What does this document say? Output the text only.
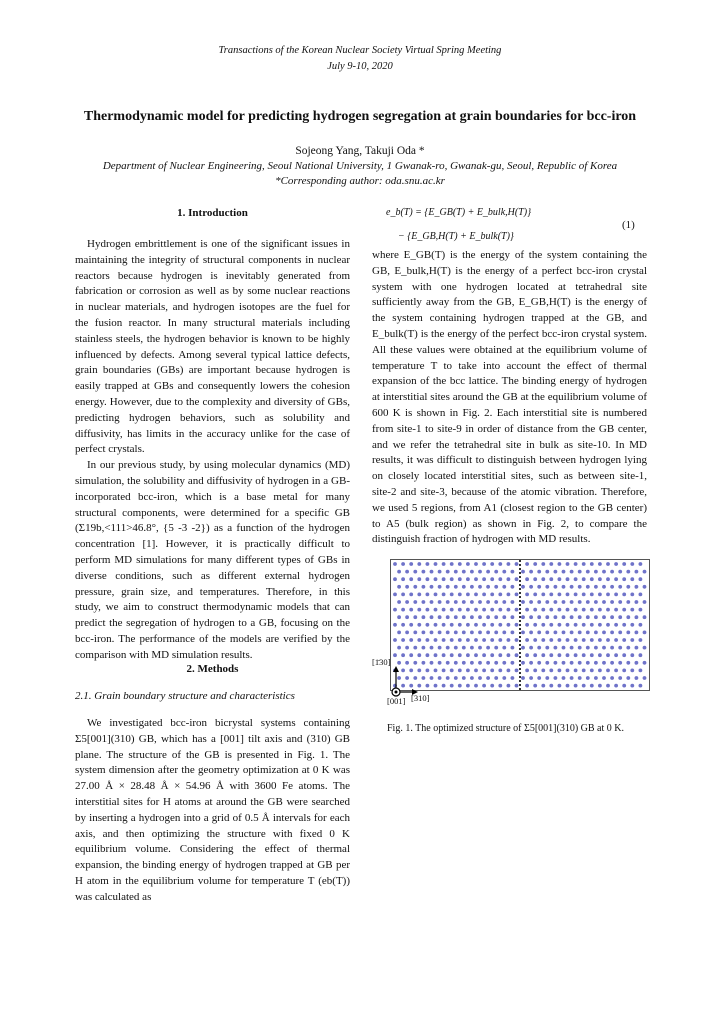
Transactions of the Korean Nuclear Society Virtual Spring Meeting
July 9-10, 2020
Thermodynamic model for predicting hydrogen segregation at grain boundaries for bcc-iron
Sojeong Yang, Takuji Oda *
Department of Nuclear Engineering, Seoul National University, 1 Gwanak-ro, Gwanak-gu, Seoul, Republic of Korea
*Corresponding author: oda.snu.ac.kr
1. Introduction

Hydrogen embrittlement is one of the significant issues in maintaining the integrity of structural components in nuclear reactors because hydrogen is inevitably generated from fabrication or corrosion as well as by some nuclear reactions in nuclear materials, and hydrogen isotopes are the fuel for the fusion reactor. In many structural materials including stainless steels, the hydrogen behavior is known to be highly influenced by defects. Among several typical lattice defects, grain boundaries (GBs) are important because hydrogen is easily trapped at GBs and consequently lowers the cohesion energy. However, due to the complexity and diversity of GBs, predicting hydrogen behaviors, such as solubility and diffusivity, has limits in the accuracy unlike for the case of perfect crystals.

In our previous study, by using molecular dynamics (MD) simulation, the solubility and diffusivity of hydrogen in a GB-incorporated bcc-iron, which is a base metal for many structural components, were determined for a specific GB (Σ19b,<111>46.8°, {5 -3 -2}) as a function of the hydrogen concentration [1]. However, it is practically difficult to perform MD simulations for many different types of GBs in diverse conditions, such as different external hydrogen pressure, grain size, and temperatures. Therefore, in this study, we aim to construct thermodynamic models that can predict the segregation of hydrogen to a GB, focusing on the bcc-iron. The performance of the models are verified by the comparison with MD simulation results.

2. Methods
2.1. Grain boundary structure and characteristics

We investigated bcc-iron bicrystal systems containing Σ5[001](310) GB, which has a [001] tilt axis and (310) GB plane. The structure of the GB is presented in Fig. 1. The system dimension after the geometry optimization at 0 K was 27.00 Å × 28.48 Å × 54.96 Å with 3600 Fe atoms. The interstitial sites for H atoms at around the GB were searched by inserting a hydrogen into a grid of 0.5 Å intervals for each axis, and then optimizing the structure with fixed 0 K equilibrium volume. Considering the effect of thermal expansion, the binding energy of hydrogen trapped at GB per H atom in the equilibrium volume for temperature T (eb(T)) was calculated as

e_b(T) = {E_GB(T) + E_bulk,H(T)}
− {E_GB,H(T) + E_bulk(T)}
(1)

where E_GB(T) is the energy of the system containing the GB, E_bulk,H(T) is the energy of a perfect bcc-iron crystal system with one hydrogen located at tetrahedral site sufficiently away from the GB, E_GB,H(T) is the energy of the system containing hydrogen trapped at the GB, and E_bulk(T) is the energy of the perfect bcc-iron crystal system. All these values were obtained at the equilibrium volume of temperature T to take into account the effect of thermal expansion of the bcc lattice. The binding energy of hydrogen at interstitial sites around the GB at the equilibrium volume of 600 K is shown in Fig. 2. Each interstitial site is numbered from site-1 to site-9 in order of distance from the GB center, and we refer the tetrahedral site in bulk as site-10. In MD results, it was difficult to distinguish between hydrogen lying on closely located interstitial sites, such as between site-1, site-2 and site-3, because of the atomic vibration. Therefore, we used 5 regions, from A1 (closest region to the GB center) to A5 (bulk region) as shown in Fig. 2, to compare the distinguish fraction of hydrogen with MD results.

[1̄30]
[001] [310]
Fig. 1. The optimized structure of Σ5[001](310) GB at 0 K.
